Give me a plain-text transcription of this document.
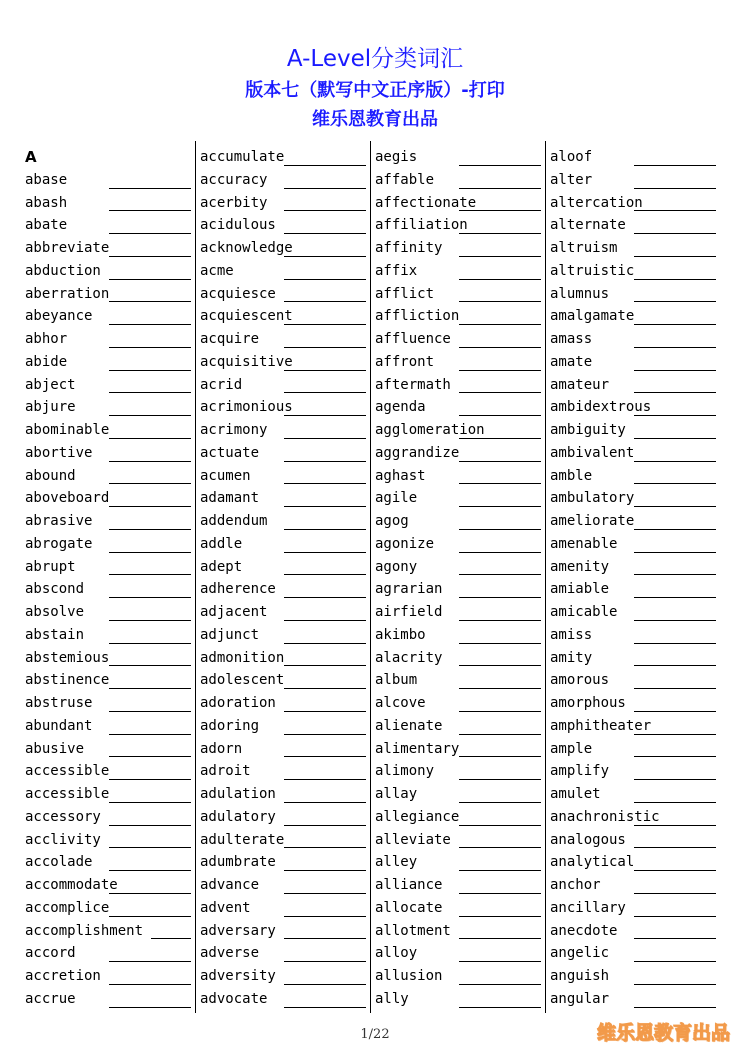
A-Level分类词汇
版本七（默写中文正序版）-打印
维乐恩教育出品
A
abase
abash
abate
abbreviate
abduction
aberration
abeyance
abhor
abide
abject
abjure
abominable
abortive
abound
aboveboard
abrasive
abrogate
abrupt
abscond
absolve
abstain
abstemious
abstinence
abstruse
abundant
abusive
accessible
accessible
accessory
acclivity
accolade
accommodate
accomplice
accomplishment
accord
accretion
accrue
accumulate
accuracy
acerbity
acidulous
acknowledge
acme
acquiesce
acquiescent
acquire
acquisitive
acrid
acrimonious
acrimony
actuate
acumen
adamant
addendum
addle
adept
adherence
adjacent
adjunct
admonition
adolescent
adoration
adoring
adorn
adroit
adulation
adulatory
adulterate
adumbrate
advance
advent
adversary
adverse
adversity
advocate
aegis
affable
affectionate
affiliation
affinity
affix
afflict
affliction
affluence
affront
aftermath
agenda
agglomeration
aggrandize
aghast
agile
agog
agonize
agony
agrarian
airfield
akimbo
alacrity
album
alcove
alienate
alimentary
alimony
allay
allegiance
alleviate
alley
alliance
allocate
allotment
alloy
allusion
ally
aloof
alter
altercation
alternate
altruism
altruistic
alumnus
amalgamate
amass
amate
amateur
ambidextrous
ambiguity
ambivalent
amble
ambulatory
ameliorate
amenable
amenity
amiable
amicable
amiss
amity
amorous
amorphous
amphitheater
ample
amplify
amulet
anachronistic
analogous
analytical
anchor
ancillary
anecdote
angelic
anguish
angular
1/22	维乐恩教育出品
